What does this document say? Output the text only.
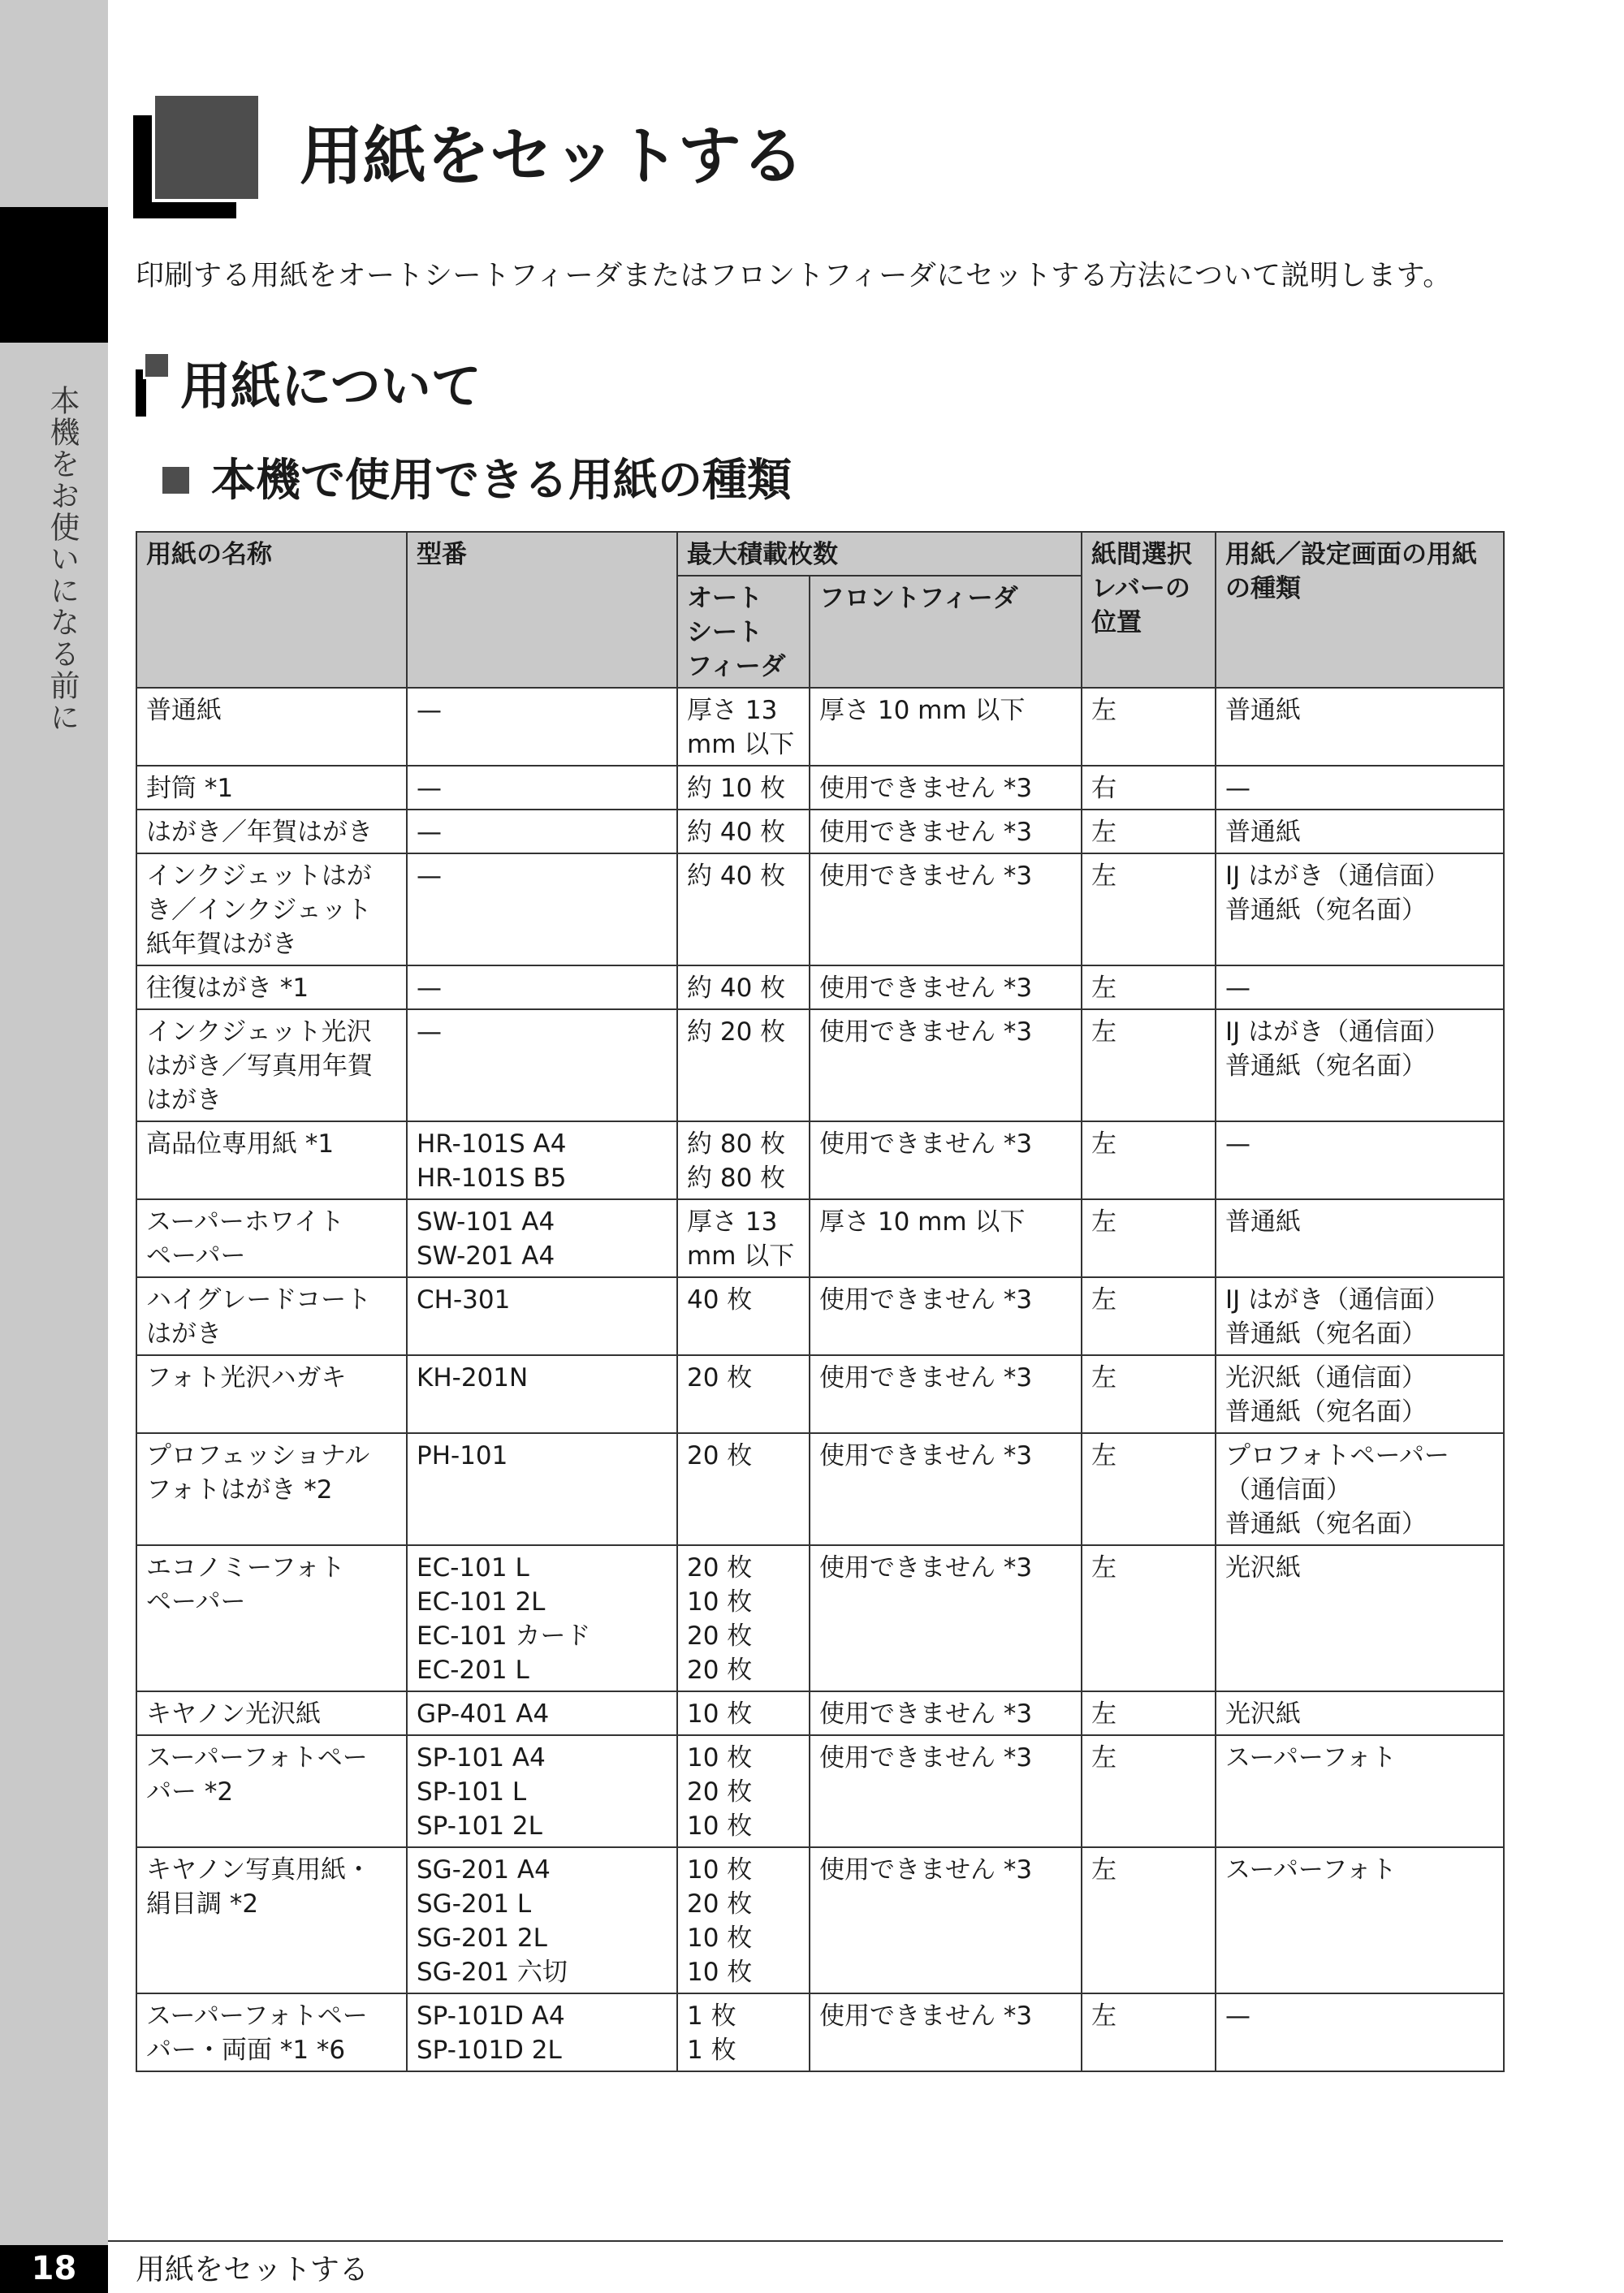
本機をお使いになる前に
用紙をセットする

印刷する用紙をオートシートフィーダまたはフロントフィーダにセットする方法について説明します。

用紙について
本機で使用できる用紙の種類
用紙の名称	型番	最大積載枚数		紙間選択
レバーの
位置	用紙／設定画面の用紙
の種類

		オート
シート
フィーダ	フロントフィーダ		

普通紙	—	厚さ 13
mm 以下	厚さ 10 mm 以下	左	普通紙

封筒 *1	—	約 10 枚	使用できません *3	右	—

はがき／年賀はがき	—	約 40 枚	使用できません *3	左	普通紙

インクジェットはが
き／インクジェット
紙年賀はがき	—	約 40 枚	使用できません *3	左	IJ はがき（通信面）
普通紙（宛名面）

往復はがき *1	—	約 40 枚	使用できません *3	左	—

インクジェット光沢
はがき／写真用年賀
はがき	—	約 20 枚	使用できません *3	左	IJ はがき（通信面）
普通紙（宛名面）

高品位専用紙 *1	HR-101S A4
HR-101S B5	約 80 枚
約 80 枚	使用できません *3	左	—

スーパーホワイト
ペーパー	SW-101 A4
SW-201 A4	厚さ 13
mm 以下	厚さ 10 mm 以下	左	普通紙

ハイグレードコート
はがき	CH-301	40 枚	使用できません *3	左	IJ はがき（通信面）
普通紙（宛名面）

フォト光沢ハガキ	KH-201N	20 枚	使用できません *3	左	光沢紙（通信面）
普通紙（宛名面）

プロフェッショナル
フォトはがき *2	PH-101	20 枚	使用できません *3	左	プロフォトペーパー
（通信面）
普通紙（宛名面）

エコノミーフォト
ペーパー	EC-101 L
EC-101 2L
EC-101 カード
EC-201 L	20 枚
10 枚
20 枚
20 枚	使用できません *3	左	光沢紙

キヤノン光沢紙	GP-401 A4	10 枚	使用できません *3	左	光沢紙

スーパーフォトペー
パー *2	SP-101 A4
SP-101 L
SP-101 2L	10 枚
20 枚
10 枚	使用できません *3	左	スーパーフォト

キヤノン写真用紙・
絹目調 *2	SG-201 A4
SG-201 L
SG-201 2L
SG-201 六切	10 枚
20 枚
10 枚
10 枚	使用できません *3	左	スーパーフォト

スーパーフォトペー
パー・両面 *1 *6	SP-101D A4
SP-101D 2L	1 枚
1 枚	使用できません *3	左	—
18	用紙をセットする
